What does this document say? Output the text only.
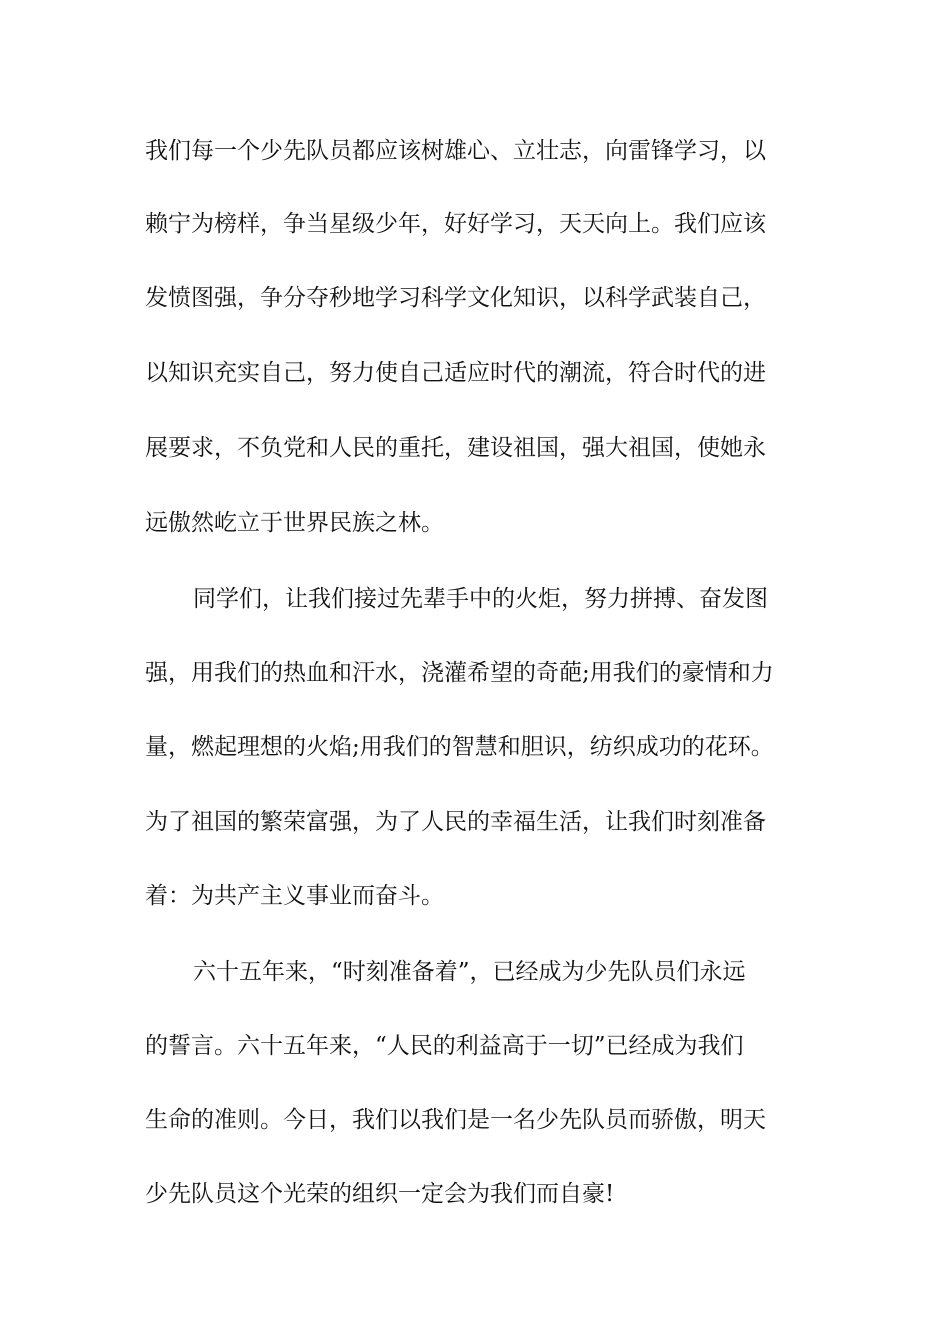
我们每一个少先队员都应该树雄心、立壮志，向雷锋学习，以
赖宁为榜样，争当星级少年，好好学习，天天向上。我们应该
发愤图强，争分夺秒地学习科学文化知识，以科学武装自己，
以知识充实自己，努力使自己适应时代的潮流，符合时代的进
展要求，不负党和人民的重托，建设祖国，强大祖国，使她永
远傲然屹立于世界民族之林。
同学们，让我们接过先辈手中的火炬，努力拼搏、奋发图
强，用我们的热血和汗水，浇灌希望的奇葩;用我们的豪情和力
量，燃起理想的火焰;用我们的智慧和胆识，纺织成功的花环。
为了祖国的繁荣富强，为了人民的幸福生活，让我们时刻准备
着：为共产主义事业而奋斗。
六十五年来，“时刻准备着”，已经成为少先队员们永远
的誓言。六十五年来，“人民的利益高于一切”已经成为我们
生命的准则。今日，我们以我们是一名少先队员而骄傲，明天
少先队员这个光荣的组织一定会为我们而自豪!
